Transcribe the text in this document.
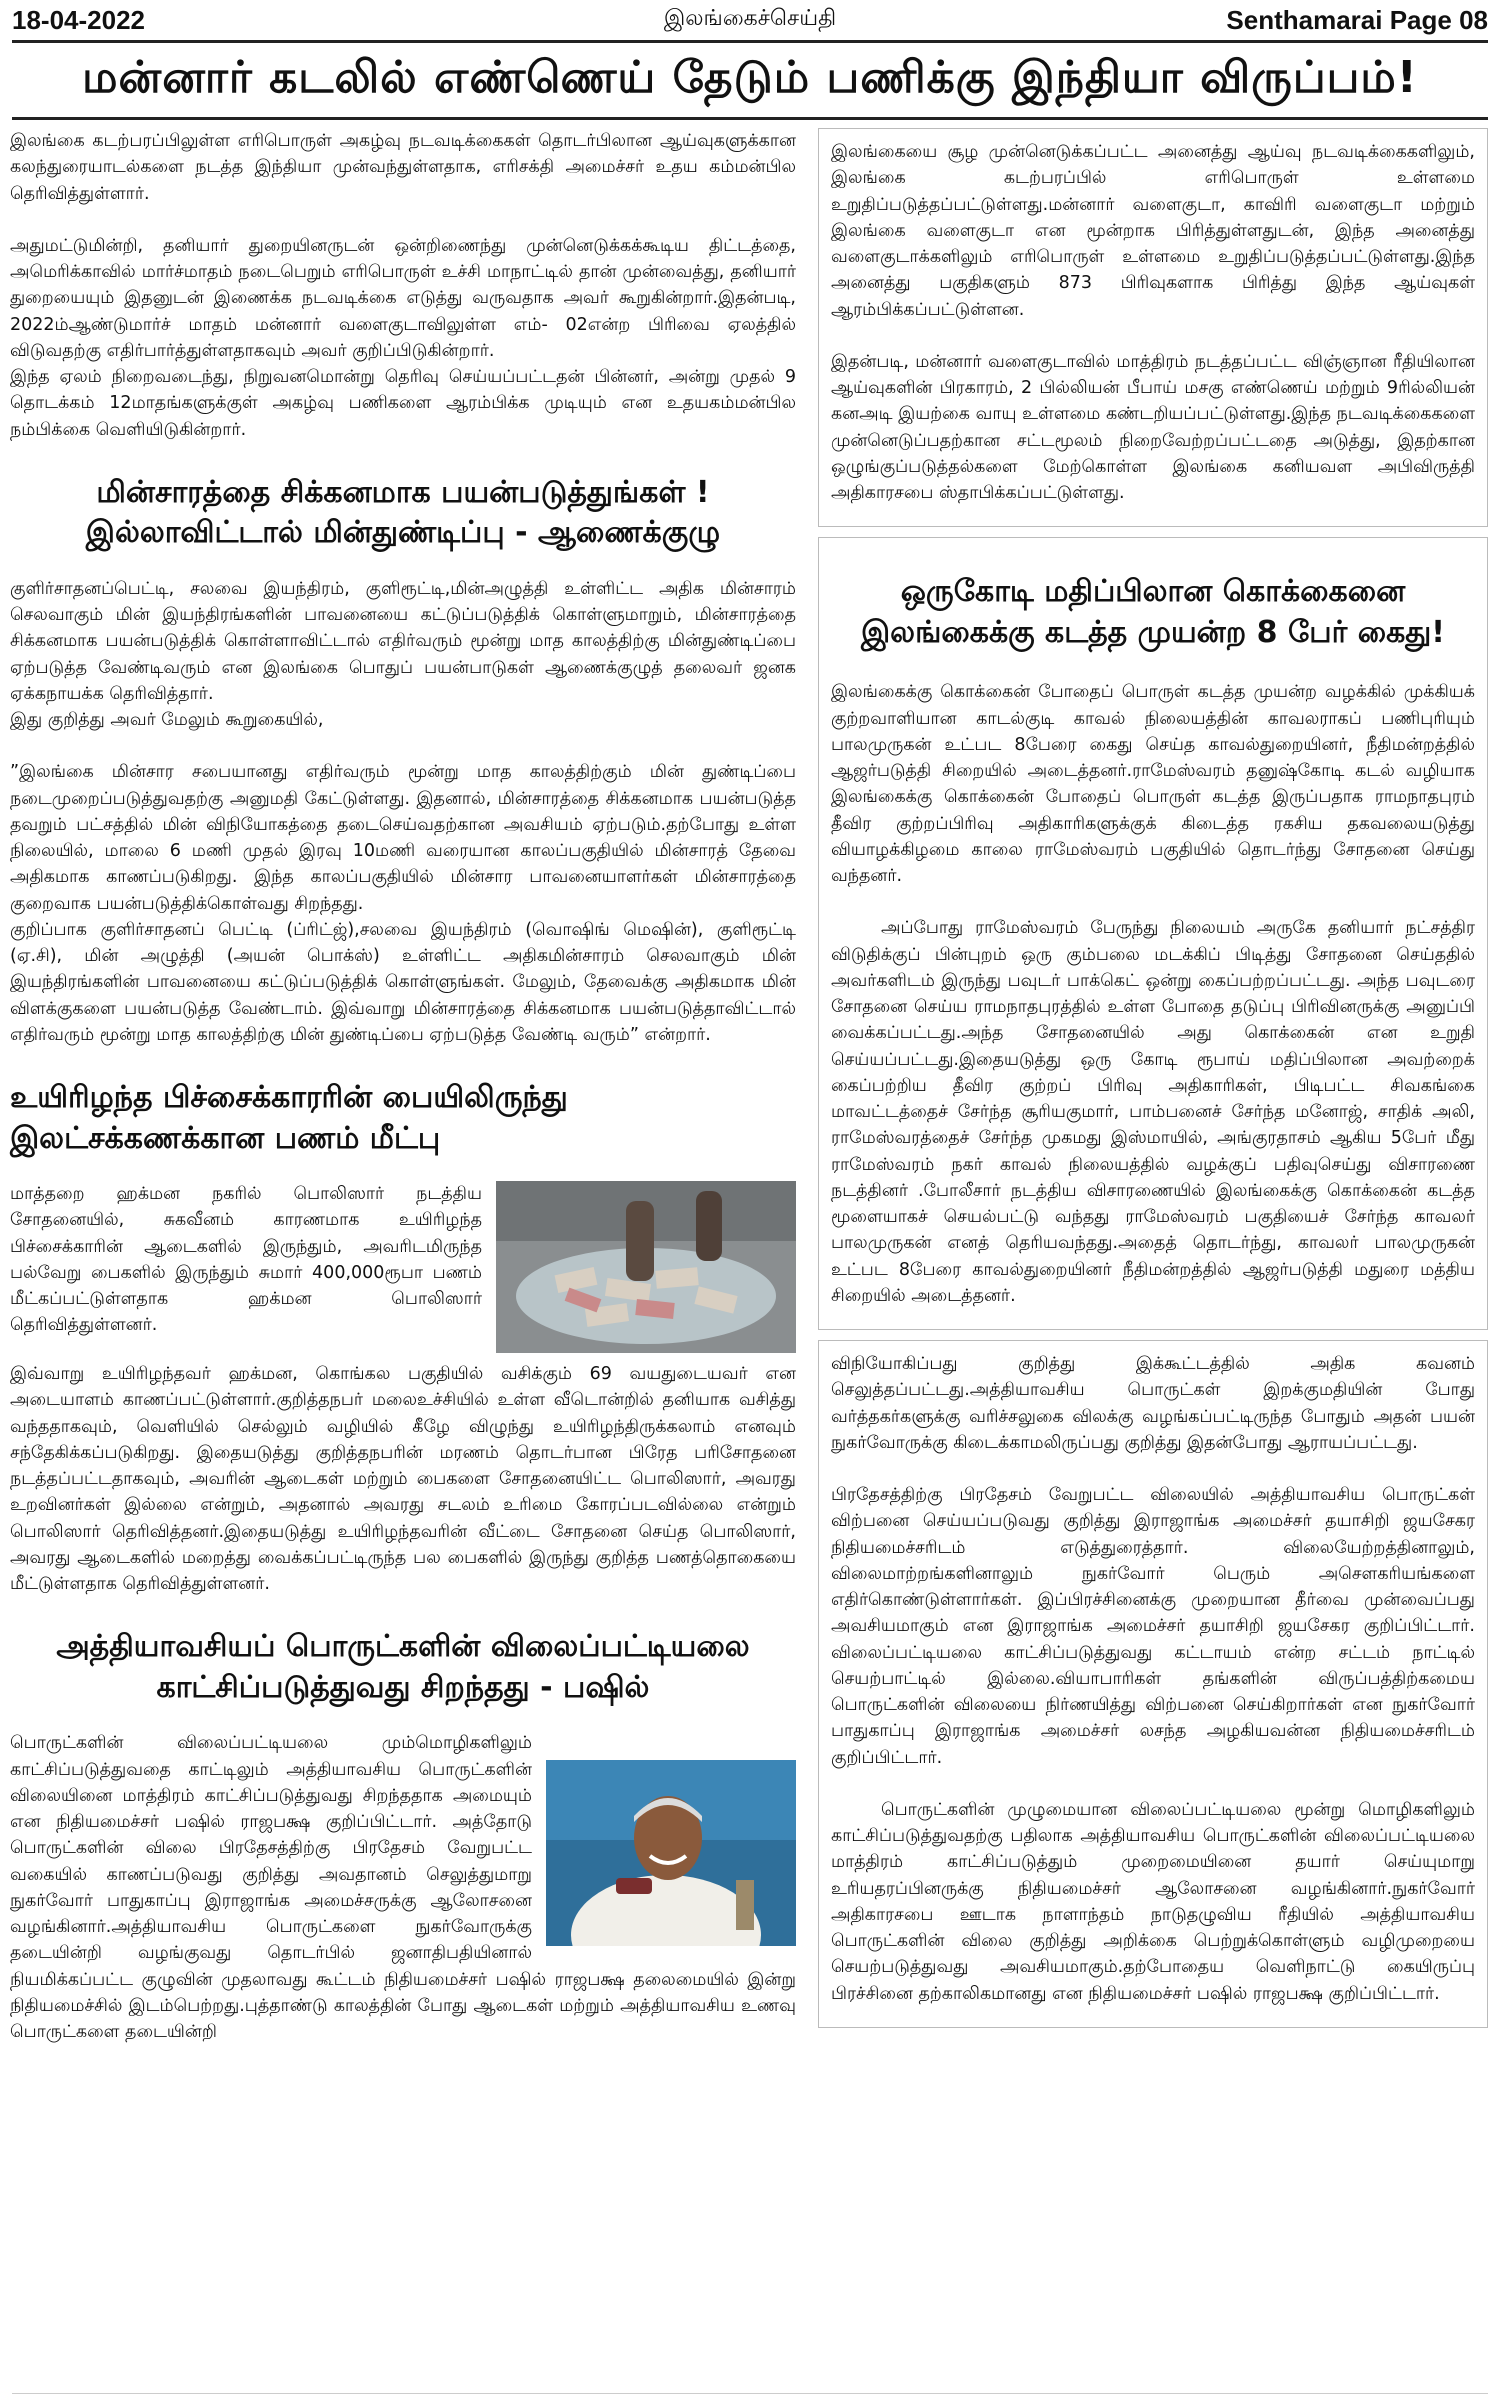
18-04-2022	இலங்கைச்செய்தி	Senthamarai Page 08
மன்னார் கடலில் எண்ணெய் தேடும் பணிக்கு இந்தியா விருப்பம்!

இலங்கை கடற்பரப்பிலுள்ள எரிபொருள் அகழ்வு நடவடிக்கைகள் தொடர்பிலான ஆய்வுகளுக்கான கலந்துரையாடல்களை நடத்த இந்தியா முன்வந்துள்ளதாக, எரிசக்தி அமைச்சர் உதய கம்மன்பில தெரிவித்துள்ளார்.

அதுமட்டுமின்றி, தனியார் துறையினருடன் ஒன்றிணைந்து முன்னெடுக்கக்கூடிய திட்டத்தை, அமெரிக்காவில் மார்ச்மாதம் நடைபெறும் எரிபொருள் உச்சி மாநாட்டில் தான் முன்வைத்து, தனியார் துறையையும் இதனுடன் இணைக்க நடவடிக்கை எடுத்து வருவதாக அவர் கூறுகின்றார்.இதன்படி, 2022ம்ஆண்டுமார்ச் மாதம் மன்னார் வளைகுடாவிலுள்ள எம்- 02என்ற பிரிவை ஏலத்தில் விடுவதற்கு எதிர்பார்த்துள்ளதாகவும் அவர் குறிப்பிடுகின்றார்.

இந்த ஏலம் நிறைவடைந்து, நிறுவனமொன்று தெரிவு செய்யப்பட்டதன் பின்னர், அன்று முதல் 9 தொடக்கம் 12மாதங்களுக்குள் அகழ்வு பணிகளை ஆரம்பிக்க முடியும் என உதயகம்மன்பில நம்பிக்கை வெளியிடுகின்றார்.

மின்சாரத்தை சிக்கனமாக பயன்படுத்துங்கள் !
இல்லாவிட்டால் மின்துண்டிப்பு - ஆணைக்குழு

குளிர்சாதனப்பெட்டி, சலவை இயந்திரம், குளிரூட்டி,மின்அழுத்தி உள்ளிட்ட அதிக மின்சாரம் செலவாகும் மின் இயந்திரங்களின் பாவனையை கட்டுப்படுத்திக் கொள்ளுமாறும், மின்சாரத்தை சிக்கனமாக பயன்படுத்திக் கொள்ளாவிட்டால் எதிர்வரும் மூன்று மாத காலத்திற்கு மின்துண்டிப்பை ஏற்படுத்த வேண்டிவரும் என இலங்கை பொதுப் பயன்பாடுகள் ஆணைக்குழுத் தலைவர் ஜனக ஏக்கநாயக்க தெரிவித்தார்.

இது குறித்து அவர் மேலும் கூறுகையில்,

”இலங்கை மின்சார சபையானது எதிர்வரும் மூன்று மாத காலத்திற்கும் மின் துண்டிப்பை நடைமுறைப்படுத்துவதற்கு அனுமதி கேட்டுள்ளது. இதனால், மின்சாரத்தை சிக்கனமாக பயன்படுத்த தவறும் பட்சத்தில் மின் விநியோகத்தை தடைசெய்வதற்கான அவசியம் ஏற்படும்.தற்போது உள்ள நிலையில், மாலை 6 மணி முதல் இரவு 10மணி வரையான காலப்பகுதியில் மின்சாரத் தேவை அதிகமாக காணப்படுகிறது. இந்த காலப்பகுதியில் மின்சார பாவனையாளர்கள் மின்சாரத்தை குறைவாக பயன்படுத்திக்கொள்வது சிறந்தது.

குறிப்பாக குளிர்சாதனப் பெட்டி (ப்ரிட்ஜ்),சலவை இயந்திரம் (வொஷிங் மெஷின்), குளிரூட்டி (ஏ.சி), மின் அழுத்தி (அயன் பொக்ஸ்) உள்ளிட்ட அதிகமின்சாரம் செலவாகும் மின் இயந்திரங்களின் பாவனையை கட்டுப்படுத்திக் கொள்ளுங்கள். மேலும், தேவைக்கு அதிகமாக மின் விளக்குகளை பயன்படுத்த வேண்டாம். இவ்வாறு மின்சாரத்தை சிக்கனமாக பயன்படுத்தாவிட்டால் எதிர்வரும் மூன்று மாத காலத்திற்கு மின் துண்டிப்பை ஏற்படுத்த வேண்டி வரும்” என்றார்.

உயிரிழந்த பிச்சைக்காரரின் பையிலிருந்து
இலட்சக்கணக்கான பணம் மீட்பு

மாத்தறை ஹக்மன நகரில் பொலிஸார் நடத்திய சோதனையில், சுகவீனம் காரணமாக உயிரிழந்த பிச்சைக்காரின் ஆடைகளில் இருந்தும், அவரிடமிருந்த பல்வேறு பைகளில் இருந்தும் சுமார் 400,000ரூபா பணம் மீட்கப்பட்டுள்ளதாக ஹக்மன பொலிஸார் தெரிவித்துள்ளனர்.

இவ்வாறு உயிரிழந்தவர் ஹக்மன, கொங்கல பகுதியில் வசிக்கும் 69 வயதுடையவர் என அடையாளம் காணப்பட்டுள்ளார்.குறித்தநபர் மலைஉச்சியில் உள்ள வீடொன்றில் தனியாக வசித்து வந்ததாகவும், வெளியில் செல்லும் வழியில் கீழே விழுந்து உயிரிழந்திருக்கலாம் எனவும் சந்தேகிக்கப்படுகிறது. இதையடுத்து குறித்தநபரின் மரணம் தொடர்பான பிரேத பரிசோதனை நடத்தப்பட்டதாகவும், அவரின் ஆடைகள் மற்றும் பைகளை சோதனையிட்ட பொலிஸார், அவரது உறவினர்கள் இல்லை என்றும், அதனால் அவரது சடலம் உரிமை கோரப்படவில்லை என்றும் பொலிஸார் தெரிவித்தனர்.இதையடுத்து உயிரிழந்தவரின் வீட்டை சோதனை செய்த பொலிஸார், அவரது ஆடைகளில் மறைத்து வைக்கப்பட்டிருந்த பல பைகளில் இருந்து குறித்த பணத்தொகையை மீட்டுள்ளதாக தெரிவித்துள்ளனர்.

அத்தியாவசியப் பொருட்களின் விலைப்பட்டியலை
காட்சிப்படுத்துவது சிறந்தது - பஷில்

பொருட்களின் விலைப்பட்டியலை மும்மொழிகளிலும் காட்சிப்படுத்துவதை காட்டிலும் அத்தியாவசிய பொருட்களின் விலையினை மாத்திரம் காட்சிப்படுத்துவது சிறந்ததாக அமையும் என நிதியமைச்சர் பஷில் ராஜபக்ஷ குறிப்பிட்டார். அத்தோடு பொருட்களின் விலை பிரதேசத்திற்கு பிரதேசம் வேறுபட்ட வகையில் காணப்படுவது குறித்து அவதானம் செலுத்துமாறு நுகர்வோர் பாதுகாப்பு இராஜாங்க அமைச்சருக்கு ஆலோசனை வழங்கினார்.அத்தியாவசிய பொருட்களை நுகர்வோருக்கு தடையின்றி வழங்குவது தொடர்பில் ஜனாதிபதியினால் நியமிக்கப்பட்ட குழுவின் முதலாவது கூட்டம் நிதியமைச்சர் பஷில் ராஜபக்ஷ தலைமையில் இன்று நிதியமைச்சில் இடம்பெற்றது.புத்தாண்டு காலத்தின் போது ஆடைகள் மற்றும் அத்தியாவசிய உணவு பொருட்களை தடையின்றி

இலங்கையை சூழ முன்னெடுக்கப்பட்ட அனைத்து ஆய்வு நடவடிக்கைகளிலும், இலங்கை கடற்பரப்பில் எரிபொருள் உள்ளமை உறுதிப்படுத்தப்பட்டுள்ளது.மன்னார் வளைகுடா, காவிரி வளைகுடா மற்றும் இலங்கை வளைகுடா என மூன்றாக பிரித்துள்ளதுடன், இந்த அனைத்து வளைகுடாக்களிலும் எரிபொருள் உள்ளமை உறுதிப்படுத்தப்பட்டுள்ளது.இந்த அனைத்து பகுதிகளும் 873 பிரிவுகளாக பிரித்து இந்த ஆய்வுகள் ஆரம்பிக்கப்பட்டுள்ளன.

இதன்படி, மன்னார் வளைகுடாவில் மாத்திரம் நடத்தப்பட்ட விஞ்ஞான ரீதியிலான ஆய்வுகளின் பிரகாரம், 2 பில்லியன் பீபாய் மசகு எண்ணெய் மற்றும் 9ரில்லியன் கனஅடி இயற்கை வாயு உள்ளமை கண்டறியப்பட்டுள்ளது.இந்த நடவடிக்கைகளை முன்னெடுப்பதற்கான சட்டமூலம் நிறைவேற்றப்பட்டதை அடுத்து, இதற்கான ஒழுங்குப்படுத்தல்களை மேற்கொள்ள இலங்கை கனியவள அபிவிருத்தி அதிகாரசபை ஸ்தாபிக்கப்பட்டுள்ளது.

ஒருகோடி மதிப்பிலான கொக்கைனை
இலங்கைக்கு கடத்த முயன்ற 8 பேர் கைது!

இலங்கைக்கு கொக்கைன் போதைப் பொருள் கடத்த முயன்ற வழக்கில் முக்கியக் குற்றவாளியான காடல்குடி காவல் நிலையத்தின் காவலராகப் பணிபுரியும் பாலமுருகன் உட்பட 8பேரை கைது செய்த காவல்துறையினர், நீதிமன்றத்தில் ஆஜர்படுத்தி சிறையில் அடைத்தனர்.ராமேஸ்வரம் தனுஷ்கோடி கடல் வழியாக இலங்கைக்கு கொக்கைன் போதைப் பொருள் கடத்த இருப்பதாக ராமநாதபுரம் தீவிர குற்றப்பிரிவு அதிகாரிகளுக்குக் கிடைத்த ரகசிய தகவலையடுத்து வியாழக்கிழமை காலை ராமேஸ்வரம் பகுதியில் தொடர்ந்து சோதனை செய்து வந்தனர்.

அப்போது ராமேஸ்வரம் பேருந்து நிலையம் அருகே தனியார் நட்சத்திர விடுதிக்குப் பின்புறம் ஒரு கும்பலை மடக்கிப் பிடித்து சோதனை செய்ததில் அவர்களிடம் இருந்து பவுடர் பாக்கெட் ஒன்று கைப்பற்றப்பட்டது. அந்த பவுடரை சோதனை செய்ய ராமநாதபுரத்தில் உள்ள போதை தடுப்பு பிரிவினருக்கு அனுப்பி வைக்கப்பட்டது.அந்த சோதனையில் அது கொக்கைன் என உறுதி செய்யப்பட்டது.இதையடுத்து ஒரு கோடி ரூபாய் மதிப்பிலான அவற்றைக் கைப்பற்றிய தீவிர குற்றப் பிரிவு அதிகாரிகள், பிடிபட்ட சிவகங்கை மாவட்டத்தைச் சேர்ந்த சூரியகுமார், பாம்பனைச் சேர்ந்த மனோஜ், சாதிக் அலி, ராமேஸ்வரத்தைச் சேர்ந்த முகமது இஸ்மாயில், அங்குரதாசம் ஆகிய 5பேர் மீது ராமேஸ்வரம் நகர் காவல் நிலையத்தில் வழக்குப் பதிவுசெய்து விசாரணை நடத்தினர் .போலீசார் நடத்திய விசாரணையில் இலங்கைக்கு கொக்கைன் கடத்த மூளையாகச் செயல்பட்டு வந்தது ராமேஸ்வரம் பகுதியைச் சேர்ந்த காவலர் பாலமுருகன் எனத் தெரியவந்தது.அதைத் தொடர்ந்து, காவலர் பாலமுருகன் உட்பட 8பேரை காவல்துறையினர் நீதிமன்றத்தில் ஆஜர்படுத்தி மதுரை மத்திய சிறையில் அடைத்தனர்.

விநியோகிப்பது குறித்து இக்கூட்டத்தில் அதிக கவனம் செலுத்தப்பட்டது.அத்தியாவசிய பொருட்கள் இறக்குமதியின் போது வர்த்தகர்களுக்கு வரிச்சலுகை விலக்கு வழங்கப்பட்டிருந்த போதும் அதன் பயன் நுகர்வோருக்கு கிடைக்காமலிருப்பது குறித்து இதன்போது ஆராயப்பட்டது.

பிரதேசத்திற்கு பிரதேசம் வேறுபட்ட விலையில் அத்தியாவசிய பொருட்கள் விற்பனை செய்யப்படுவது குறித்து இராஜாங்க அமைச்சர் தயாசிறி ஜயசேகர நிதியமைச்சரிடம் எடுத்துரைத்தார். விலையேற்றத்தினாலும், விலைமாற்றங்களினாலும் நுகர்வோர் பெரும் அசௌகரியங்களை எதிர்கொண்டுள்ளார்கள். இப்பிரச்சினைக்கு முறையான தீர்வை முன்வைப்பது அவசியமாகும் என இராஜாங்க அமைச்சர் தயாசிறி ஜயசேகர குறிப்பிட்டார். விலைப்பட்டியலை காட்சிப்படுத்துவது கட்டாயம் என்ற சட்டம் நாட்டில் செயற்பாட்டில் இல்லை.வியாபாரிகள் தங்களின் விருப்பத்திற்கமைய பொருட்களின் விலையை நிர்ணயித்து விற்பனை செய்கிறார்கள் என நுகர்வோர் பாதுகாப்பு இராஜாங்க அமைச்சர் லசந்த அழகியவன்ன நிதியமைச்சரிடம் குறிப்பிட்டார்.

பொருட்களின் முழுமையான விலைப்பட்டியலை மூன்று மொழிகளிலும் காட்சிப்படுத்துவதற்கு பதிலாக அத்தியாவசிய பொருட்களின் விலைப்பட்டியலை மாத்திரம் காட்சிப்படுத்தும் முறைமையினை தயார் செய்யுமாறு உரியதரப்பினருக்கு நிதியமைச்சர் ஆலோசனை வழங்கினார்.நுகர்வோர் அதிகாரசபை ஊடாக நாளாந்தம் நாடுதழுவிய ரீதியில் அத்தியாவசிய பொருட்களின் விலை குறித்து அறிக்கை பெற்றுக்கொள்ளும் வழிமுறையை செயற்படுத்துவது அவசியமாகும்.தற்போதைய வெளிநாட்டு கையிருப்பு பிரச்சினை தற்காலிகமானது என நிதியமைச்சர் பஷில் ராஜபக்ஷ குறிப்பிட்டார்.
